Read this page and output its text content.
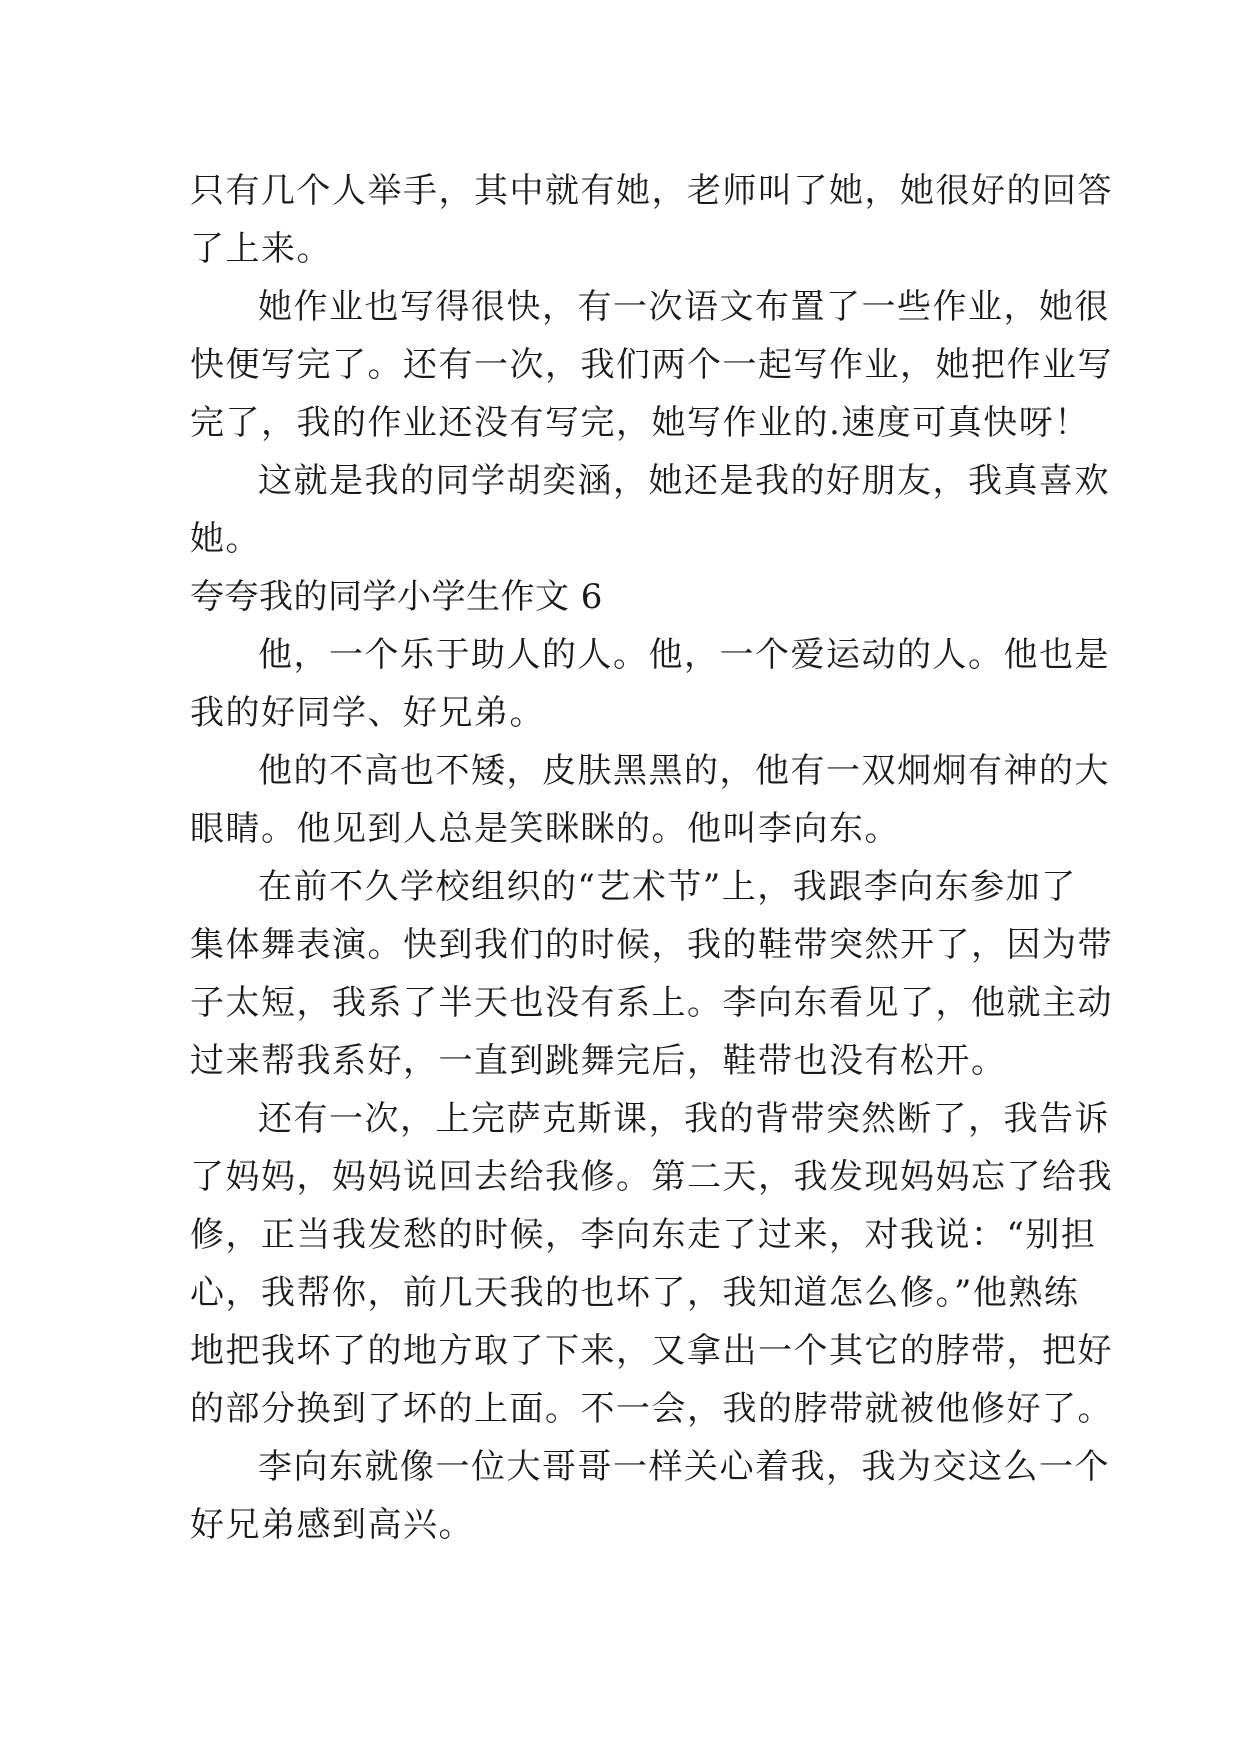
只有几个人举手，其中就有她，老师叫了她，她很好的回答
了上来。
她作业也写得很快，有一次语文布置了一些作业，她很
快便写完了。还有一次，我们两个一起写作业，她把作业写
完了，我的作业还没有写完，她写作业的.速度可真快呀！
这就是我的同学胡奕涵，她还是我的好朋友，我真喜欢
她。
夸夸我的同学小学生作文 6
他，一个乐于助人的人。他，一个爱运动的人。他也是
我的好同学、好兄弟。
他的不高也不矮，皮肤黑黑的，他有一双炯炯有神的大
眼睛。他见到人总是笑眯眯的。他叫李向东。
在前不久学校组织的“艺术节”上，我跟李向东参加了
集体舞表演。快到我们的时候，我的鞋带突然开了，因为带
子太短，我系了半天也没有系上。李向东看见了，他就主动
过来帮我系好，一直到跳舞完后，鞋带也没有松开。
还有一次，上完萨克斯课，我的背带突然断了，我告诉
了妈妈，妈妈说回去给我修。第二天，我发现妈妈忘了给我
修，正当我发愁的时候，李向东走了过来，对我说：“别担
心，我帮你，前几天我的也坏了，我知道怎么修。”他熟练
地把我坏了的地方取了下来，又拿出一个其它的脖带，把好
的部分换到了坏的上面。不一会，我的脖带就被他修好了。
李向东就像一位大哥哥一样关心着我，我为交这么一个
好兄弟感到高兴。
